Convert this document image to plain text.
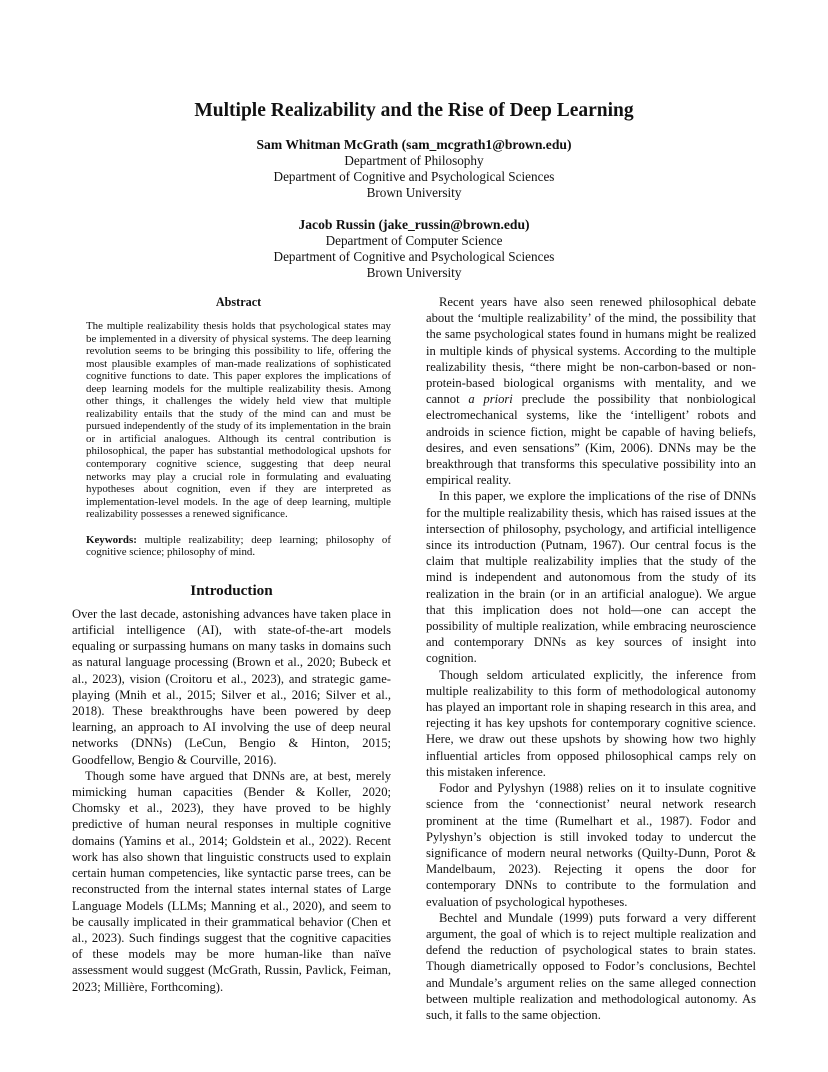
Multiple Realizability and the Rise of Deep Learning
Sam Whitman McGrath (sam_mcgrath1@brown.edu)
Department of Philosophy
Department of Cognitive and Psychological Sciences
Brown University
Jacob Russin (jake_russin@brown.edu)
Department of Computer Science
Department of Cognitive and Psychological Sciences
Brown University
Abstract

The multiple realizability thesis holds that psychological states may be implemented in a diversity of physical systems. The deep learning revolution seems to be bringing this possibility to life, offering the most plausible examples of man-made realizations of sophisticated cognitive functions to date. This paper explores the implications of deep learning models for the multiple realizability thesis. Among other things, it challenges the widely held view that multiple realizability entails that the study of the mind can and must be pursued independently of the study of its implementation in the brain or in artificial analogues. Although its central contribution is philosophical, the paper has substantial methodological upshots for contemporary cognitive science, suggesting that deep neural networks may play a crucial role in formulating and evaluating hypotheses about cognition, even if they are interpreted as implementation-level models. In the age of deep learning, multiple realizability possesses a renewed significance.

Keywords: multiple realizability; deep learning; philosophy of cognitive science; philosophy of mind.

Introduction

Over the last decade, astonishing advances have taken place in artificial intelligence (AI), with state-of-the-art models equaling or surpassing humans on many tasks in domains such as natural language processing (Brown et al., 2020; Bubeck et al., 2023), vision (Croitoru et al., 2023), and strategic game-playing (Mnih et al., 2015; Silver et al., 2016; Silver et al., 2018). These breakthroughs have been powered by deep learning, an approach to AI involving the use of deep neural networks (DNNs) (LeCun, Bengio & Hinton, 2015; Goodfellow, Bengio & Courville, 2016).

Though some have argued that DNNs are, at best, merely mimicking human capacities (Bender & Koller, 2020; Chomsky et al., 2023), they have proved to be highly predictive of human neural responses in multiple cognitive domains (Yamins et al., 2014; Goldstein et al., 2022). Recent work has also shown that linguistic constructs used to explain certain human competencies, like syntactic parse trees, can be reconstructed from the internal states internal states of Large Language Models (LLMs; Manning et al., 2020), and seem to be causally implicated in their grammatical behavior (Chen et al., 2023). Such findings suggest that the cognitive capacities of these models may be more human-like than naïve assessment would suggest (McGrath, Russin, Pavlick, Feiman, 2023; Millière, Forthcoming).

Recent years have also seen renewed philosophical debate about the ‘multiple realizability’ of the mind, the possibility that the same psychological states found in humans might be realized in multiple kinds of physical systems. According to the multiple realizability thesis, “there might be non-carbon-based or non-protein-based biological organisms with mentality, and we cannot a priori preclude the possibility that nonbiological electromechanical systems, like the ‘intelligent’ robots and androids in science fiction, might be capable of having beliefs, desires, and even sensations” (Kim, 2006). DNNs may be the breakthrough that transforms this speculative possibility into an empirical reality.

In this paper, we explore the implications of the rise of DNNs for the multiple realizability thesis, which has raised issues at the intersection of philosophy, psychology, and artificial intelligence since its introduction (Putnam, 1967). Our central focus is the claim that multiple realizability implies that the study of the mind is independent and autonomous from the study of its realization in the brain (or in an artificial analogue). We argue that this implication does not hold—one can accept the possibility of multiple realization, while embracing neuroscience and contemporary DNNs as key sources of insight into cognition.

Though seldom articulated explicitly, the inference from multiple realizability to this form of methodological autonomy has played an important role in shaping research in this area, and rejecting it has key upshots for contemporary cognitive science. Here, we draw out these upshots by showing how two highly influential articles from opposed philosophical camps rely on this mistaken inference.

Fodor and Pylyshyn (1988) relies on it to insulate cognitive science from the ‘connectionist’ neural network research prominent at the time (Rumelhart et al., 1987). Fodor and Pylyshyn’s objection is still invoked today to undercut the significance of modern neural networks (Quilty-Dunn, Porot & Mandelbaum, 2023). Rejecting it opens the door for contemporary DNNs to contribute to the formulation and evaluation of psychological hypotheses.

Bechtel and Mundale (1999) puts forward a very different argument, the goal of which is to reject multiple realization and defend the reduction of psychological states to brain states. Though diametrically opposed to Fodor’s conclusions, Bechtel and Mundale’s argument relies on the same alleged connection between multiple realization and methodological autonomy. As such, it falls to the same objection.
